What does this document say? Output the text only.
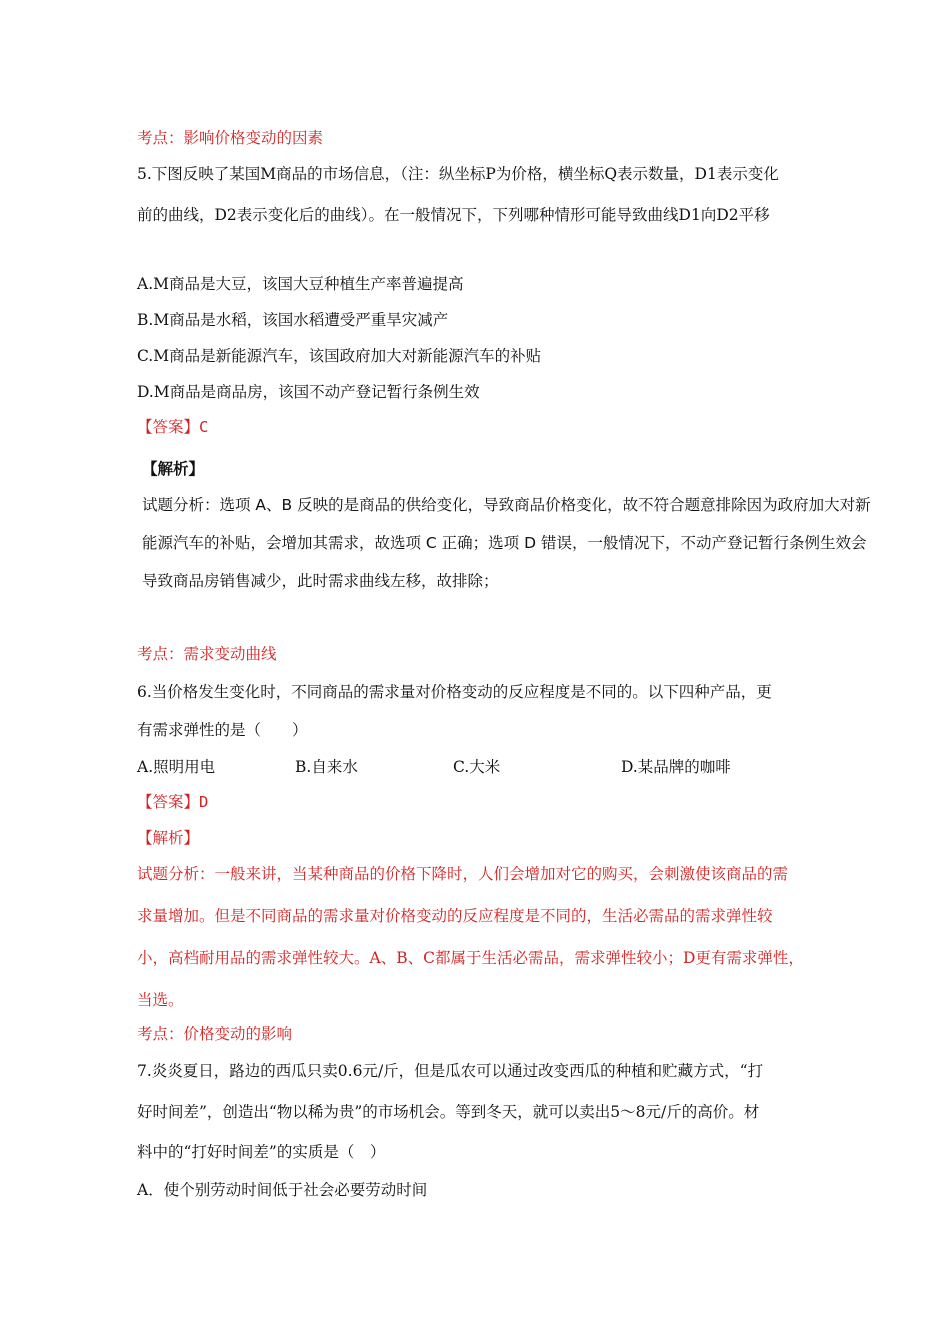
考点：影响价格变动的因素
5.下图反映了某国M商品的市场信息，（注：纵坐标P为价格，横坐标Q表示数量，D1表示变化
前的曲线，D2表示变化后的曲线）。在一般情况下，下列哪种情形可能导致曲线D1向D2平移
A.M商品是大豆，该国大豆种植生产率普遍提高
B.M商品是水稻，该国水稻遭受严重旱灾减产
C.M商品是新能源汽车，该国政府加大对新能源汽车的补贴
D.M商品是商品房，该国不动产登记暂行条例生效
【答案】C
【解析】
试题分析：选项 A、B 反映的是商品的供给变化，导致商品价格变化，故不符合题意排除因为政府加大对新
能源汽车的补贴，会增加其需求，故选项 C 正确；选项 D 错误，一般情况下，不动产登记暂行条例生效会
导致商品房销售减少，此时需求曲线左移，故排除；
考点：需求变动曲线
6.当价格发生变化时，不同商品的需求量对价格变动的反应程度是不同的。以下四种产品，更
有需求弹性的是（　　）
A.照明用电	B.自来水	C.大米	D.某品牌的咖啡
【答案】D
【解析】
试题分析：一般来讲，当某种商品的价格下降时，人们会增加对它的购买，会刺激使该商品的需
求量增加。但是不同商品的需求量对价格变动的反应程度是不同的，生活必需品的需求弹性较
小，高档耐用品的需求弹性较大。A、B、C都属于生活必需品，需求弹性较小；D更有需求弹性，
当选。
考点：价格变动的影响
7.炎炎夏日，路边的西瓜只卖0.6元/斤，但是瓜农可以通过改变西瓜的种植和贮藏方式，“打
好时间差”，创造出“物以稀为贵”的市场机会。等到冬天，就可以卖出5～8元/斤的高价。材
料中的“打好时间差”的实质是（　）
A．使个别劳动时间低于社会必要劳动时间
